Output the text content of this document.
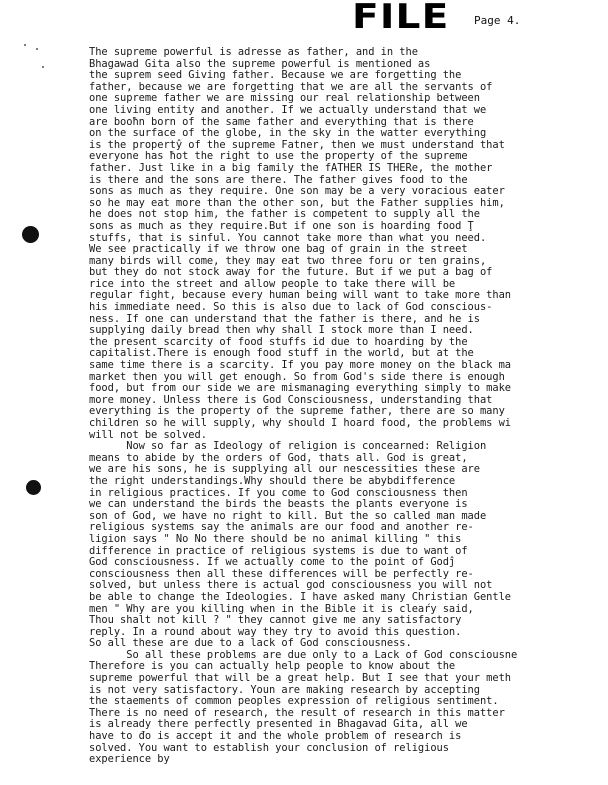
FILE Page 4.
The supreme powerful is adresse as father, and in the
Bhagawad Gita also the supreme powerful is mentioned as
the suprem seed Giving father. Because we are forgetting the
father, because we are forgetting that we are all the servants of
one supreme father we are missing our real relationship between
one living entity and another. If we actually understand that we
are booħn born of the same father and everything that is there
on the surface of the globe, in the sky in the watter everything
is the propertŷ of the supreme Fatner, then we must understand that
everyone has ħot the right to use the property of the supreme
father. Just like in a big family the fATHER IS THERe, the mother
is there and the sons are there. The father gives food to the
sons as much as they require. One son may be a very voracious eater
so he may eat more than the other son, but the Father supplies him,
he does not stop him, the father is competent to supply all the
sons as much as they require.But if one son is hoarding food Ţ
stuffs, that is sinful. You cannot take more than what you need.
We see practically if we throw one bag of grain in the street
many birds will come, they may eat two three foru or ten grains,
but they do not stock away for the future. But if we put a bag of
rice into the street and allow people to take there will be
regular fight, because every human being will want to take more than
his immediate need. So this is also due to lack of God conscious-
ness. If one can understand that the father is there, and he is
supplying daily bread then why shall I stock more than I need.
the present scarcity of food stuffs id due to hoarding by the
capitalist.There is enough food stuff in the world, but at the
same time there is a scarcity. If you pay more money on the black ma
market then you will get enough. So from God's side there is enough
food, but from our side we are mismanaging everything simply to make
more money. Unless there is God Consciousness, understanding that
everything is the property of the supreme father, there are so many
children so he will supply, why should I hoard food, the problems wi
will not be solved.
Now so far as Ideology of religion is concearned: Religion
means to abide by the orders of God, thats all. God is great,
we are his sons, he is supplying all our nescessities these are
the right understandings.Why should there be abybdifference
in religious practices. If you come to God consciousness then
we can understand the birds the beasts the plants everyone is
son of God, we have no right to kill. But the so called man made
religious systems say the animals are our food and another re-
ligion says " No No there should be no animal killing " this
difference in practice of religious systems is due to want of
God consciousness. If we actually come to the point of Godĵ
consciousness then all these differences will be perfectly re-
solved, but unless there is actual god consciousness you will not
be able to change the Ideologies. I have asked many Christian Gentle
men " Why are you killing when in the Bible it is cleaŕy said,
Thou shalt not kill ? " they cannot give me any satisfactory
reply. In a round about way they try to avoid this question.
So all these are due to a lack of God consciousness.
So all these problems are due only to a Lack of God consciousne
Therefore is you can actually help people to know about the
supreme powerful that will be a great help. But I see that your meth
is not very satisfactory. Youn are making research by accepting
the staements of common peoples expression of religious sentiment.
There is no need of research, the result of research in this matter
is already there perfectly presented in Bhagavad Gita, all we
have to đo is accept it and the whole problem of research is
solved. You want to establish your conclusion of religious
experience by
